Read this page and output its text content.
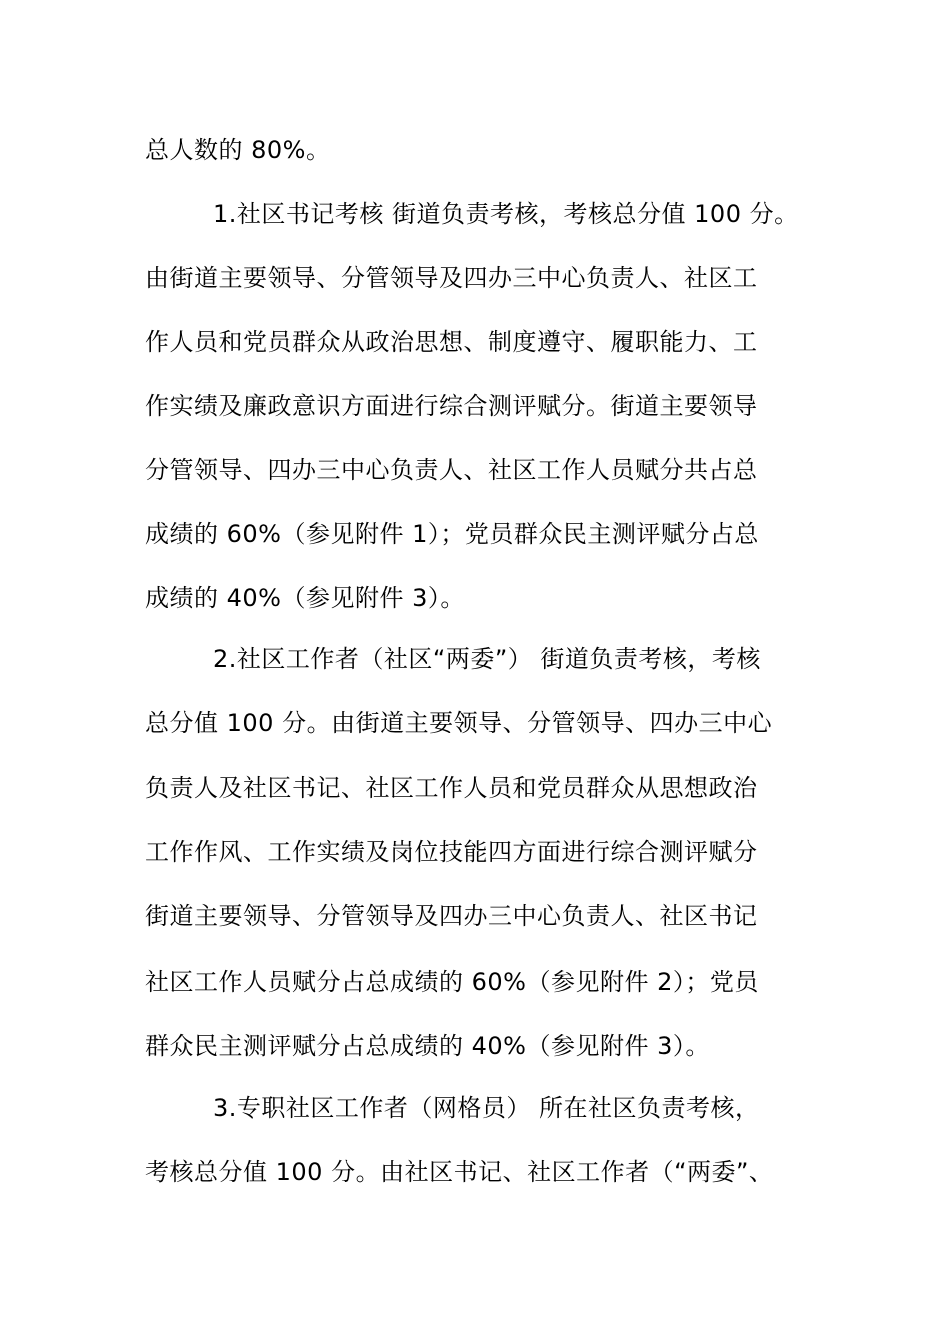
总人数的 80%。
1.社区书记考核 街道负责考核，考核总分值 100 分。
由街道主要领导、分管领导及四办三中心负责人、社区工
作人员和党员群众从政治思想、制度遵守、履职能力、工
作实绩及廉政意识方面进行综合测评赋分。街道主要领导
分管领导、四办三中心负责人、社区工作人员赋分共占总
成绩的 60%（参见附件 1）；党员群众民主测评赋分占总
成绩的 40%（参见附件 3）。
2.社区工作者（社区“两委”） 街道负责考核，考核
总分值 100 分。由街道主要领导、分管领导、四办三中心
负责人及社区书记、社区工作人员和党员群众从思想政治
工作作风、工作实绩及岗位技能四方面进行综合测评赋分
街道主要领导、分管领导及四办三中心负责人、社区书记
社区工作人员赋分占总成绩的 60%（参见附件 2）；党员
群众民主测评赋分占总成绩的 40%（参见附件 3）。
3.专职社区工作者（网格员） 所在社区负责考核，
考核总分值 100 分。由社区书记、社区工作者（“两委”、
